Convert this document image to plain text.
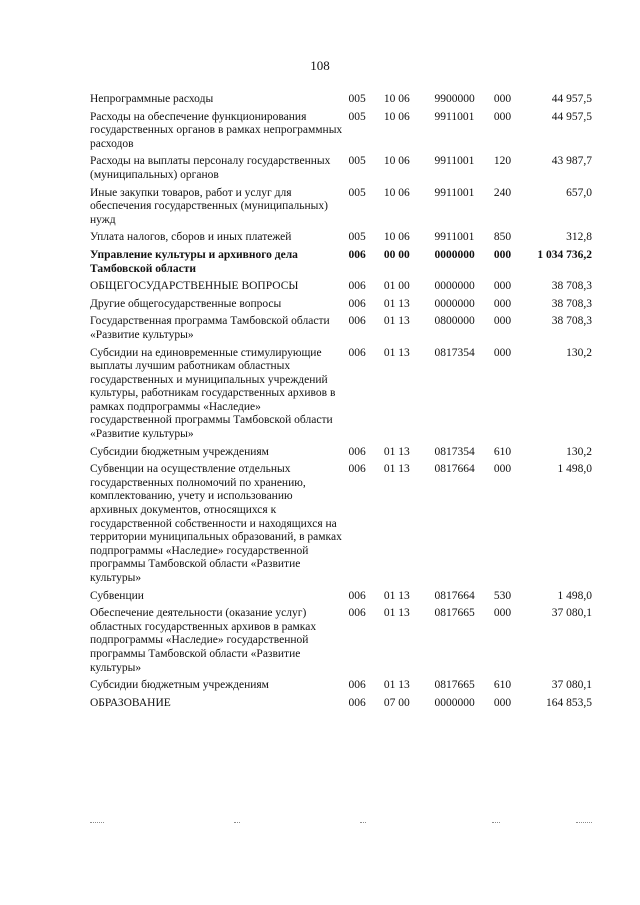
108
Непрограммные расходы	005	10 06	9900000	000	44 957,5
Расходы на обеспечение функционирования государственных органов в рамках непрограммных расходов	005	10 06	9911001	000	44 957,5
Расходы на выплаты персоналу государственных (муниципальных) органов	005	10 06	9911001	120	43 987,7
Иные закупки товаров, работ и услуг для обеспечения государственных (муниципальных) нужд	005	10 06	9911001	240	657,0
Уплата налогов, сборов и иных платежей	005	10 06	9911001	850	312,8
Управление культуры и архивного дела Тамбовской области	006	00 00	0000000	000	1 034 736,2
ОБЩЕГОСУДАРСТВЕННЫЕ ВОПРОСЫ	006	01 00	0000000	000	38 708,3
Другие общегосударственные вопросы	006	01 13	0000000	000	38 708,3
Государственная программа Тамбовской области «Развитие культуры»	006	01 13	0800000	000	38 708,3
Субсидии на единовременные стимулирующие выплаты лучшим работникам областных государственных и муниципальных учреждений культуры, работникам государственных архивов в рамках подпрограммы «Наследие» государственной программы Тамбовской области «Развитие культуры»	006	01 13	0817354	000	130,2
Субсидии бюджетным учреждениям	006	01 13	0817354	610	130,2
Субвенции на осуществление отдельных государственных полномочий по хранению, комплектованию, учету и использованию архивных документов, относящихся к государственной собственности и находящихся на территории муниципальных образований, в рамках подпрограммы «Наследие» государственной программы Тамбовской области «Развитие культуры»	006	01 13	0817664	000	1 498,0
Субвенции	006	01 13	0817664	530	1 498,0
Обеспечение деятельности (оказание услуг) областных государственных архивов в рамках подпрограммы «Наследие» государственной программы Тамбовской области «Развитие культуры»	006	01 13	0817665	000	37 080,1
Субсидии бюджетным учреждениям	006	01 13	0817665	610	37 080,1
ОБРАЗОВАНИЕ	006	07 00	0000000	000	164 853,5
